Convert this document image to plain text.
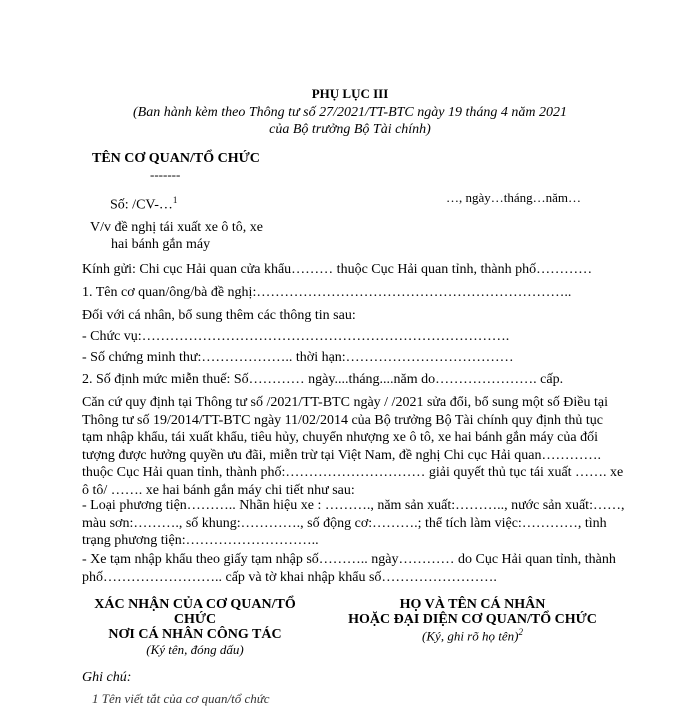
PHỤ LỤC III
(Ban hành kèm theo Thông tư số 27/2021/TT-BTC ngày 19 tháng 4 năm 2021
của Bộ trưởng Bộ Tài chính)
TÊN CƠ QUAN/TỔ CHỨC
-------
Số: /CV-…$^1$	…, ngày…tháng…năm…
V/v đề nghị tái xuất xe ô tô, xe
hai bánh gắn máy
Kính gửi: Chi cục Hải quan cửa khẩu……… thuộc Cục Hải quan tỉnh, thành phố…………
1. Tên cơ quan/ông/bà đề nghị:…………………………………………………………..
Đối với cá nhân, bổ sung thêm các thông tin sau:
- Chức vụ:…………………………………………………………………….
- Số chứng minh thư:……………….. thời hạn:………………………………
2. Số định mức miễn thuế: Số………… ngày....tháng....năm do…………………. cấp.
Căn cứ quy định tại Thông tư số /2021/TT-BTC ngày / /2021 sửa đổi, bổ sung một số Điều tại
Thông tư số 19/2014/TT-BTC ngày 11/02/2014 của Bộ trưởng Bộ Tài chính quy định thủ tục
tạm nhập khẩu, tái xuất khẩu, tiêu hủy, chuyển nhượng xe ô tô, xe hai bánh gắn máy của đối
tượng được hưởng quyền ưu đãi, miễn trừ tại Việt Nam, đề nghị Chi cục Hải quan………….
thuộc Cục Hải quan tỉnh, thành phố:………………………… giải quyết thủ tục tái xuất ……. xe
ô tô/ ……. xe hai bánh gắn máy chi tiết như sau:
- Loại phương tiện……….. Nhãn hiệu xe : ………., năm sản xuất:……….., nước sản xuất:……,
màu sơn:………., số khung:…………., số động cơ:……….; thể tích làm việc:…………, tình
trạng phương tiện:………………………..
- Xe tạm nhập khẩu theo giấy tạm nhập số……….. ngày………… do Cục Hải quan tỉnh, thành
phố…………………….. cấp và tờ khai nhập khẩu số…………………….
XÁC NHẬN CỦA CƠ QUAN/TỔ
CHỨC
NƠI CÁ NHÂN CÔNG TÁC
(Ký tên, đóng dấu)
HỌ VÀ TÊN CÁ NHÂN
HOẶC ĐẠI DIỆN CƠ QUAN/TỔ CHỨC
(Ký, ghi rõ họ tên)$^2$
Ghi chú:
1 Tên viết tắt của cơ quan/tổ chức
